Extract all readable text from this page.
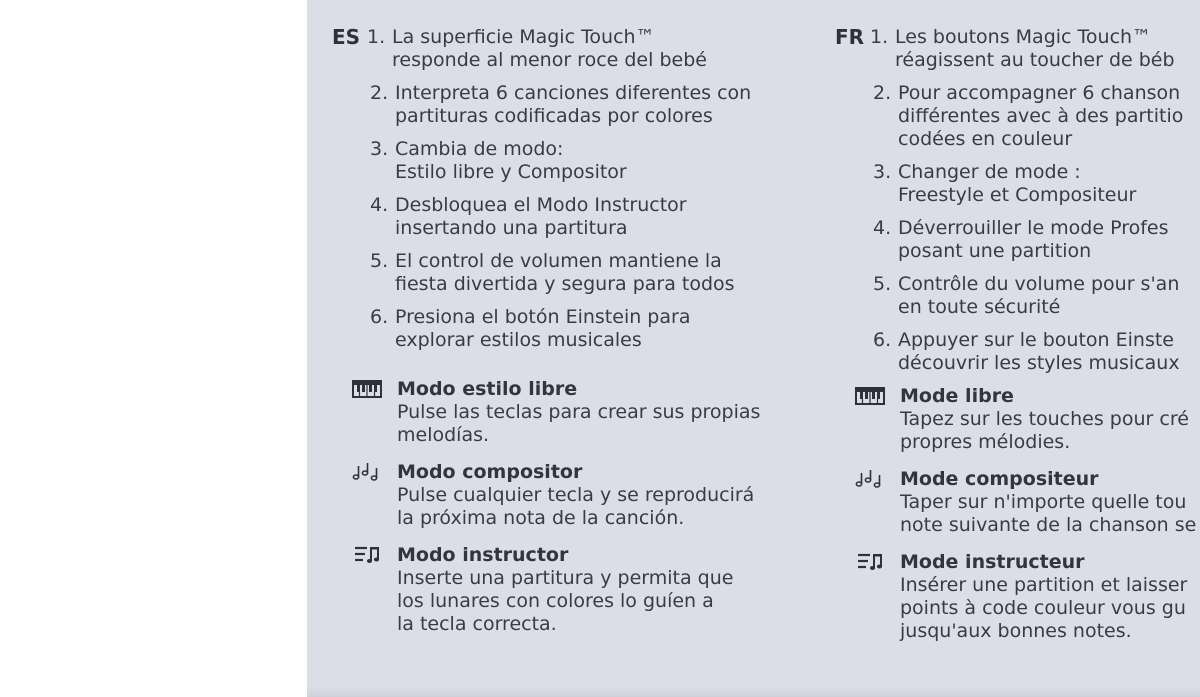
ES 1. La superficie Magic Touch™
responde al menor roce del bebé
2. Interpreta 6 canciones diferentes con
partituras codificadas por colores
3. Cambia de modo:
Estilo libre y Compositor
4. Desbloquea el Modo Instructor
insertando una partitura
5. El control de volumen mantiene la
fiesta divertida y segura para todos
6. Presiona el botón Einstein para
explorar estilos musicales
Modo estilo libre
Pulse las teclas para crear sus propias
melodías.
Modo compositor
Pulse cualquier tecla y se reproducirá
la próxima nota de la canción.
Modo instructor
Inserte una partitura y permita que
los lunares con colores lo guíen a
la tecla correcta.
FR 1. Les boutons Magic Touch™
réagissent au toucher de béb
2. Pour accompagner 6 chanson
différentes avec à des partitio
codées en couleur
3. Changer de mode :
Freestyle et Compositeur
4. Déverrouiller le mode Profes
posant une partition
5. Contrôle du volume pour s'an
en toute sécurité
6. Appuyer sur le bouton Einste
découvrir les styles musicaux
Mode libre
Tapez sur les touches pour cré
propres mélodies.
Mode compositeur
Taper sur n'importe quelle tou
note suivante de la chanson se
Mode instructeur
Insérer une partition et laisser
points à code couleur vous gu
jusqu'aux bonnes notes.
